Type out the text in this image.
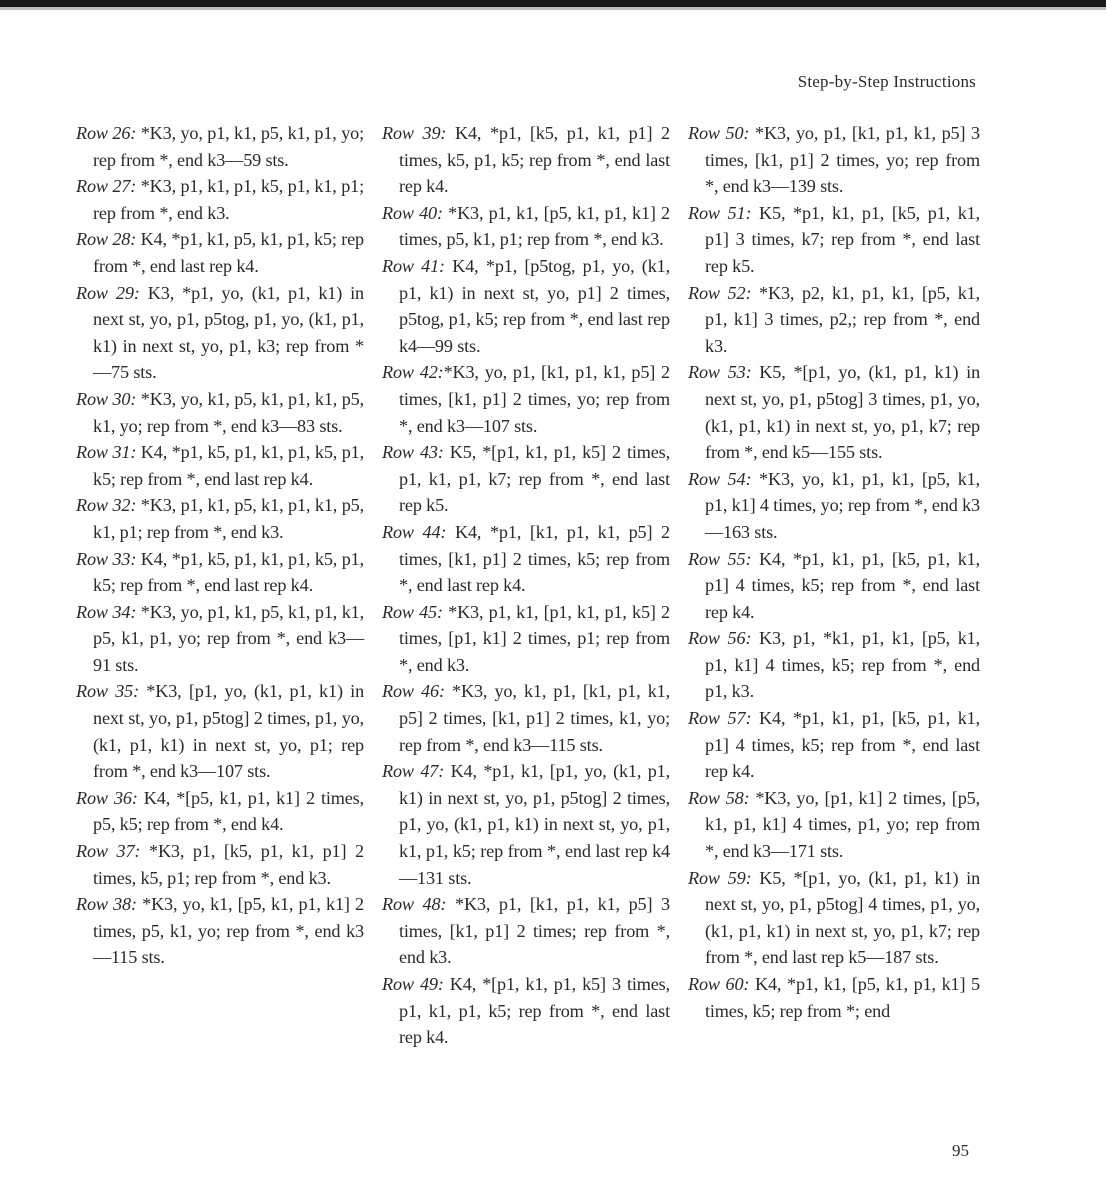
Step-by-Step Instructions

Row 26: *K3, yo, p1, k1, p5, k1, p1, yo; rep from *, end k3—59 sts.

Row 27: *K3, p1, k1, p1, k5, p1, k1, p1; rep from *, end k3.

Row 28: K4, *p1, k1, p5, k1, p1, k5; rep from *, end last rep k4.

Row 29: K3, *p1, yo, (k1, p1, k1) in next st, yo, p1, p5tog, p1, yo, (k1, p1, k1) in next st, yo, p1, k3; rep from *—75 sts.

Row 30: *K3, yo, k1, p5, k1, p1, k1, p5, k1, yo; rep from *, end k3—83 sts.

Row 31: K4, *p1, k5, p1, k1, p1, k5, p1, k5; rep from *, end last rep k4.

Row 32: *K3, p1, k1, p5, k1, p1, k1, p5, k1, p1; rep from *, end k3.

Row 33: K4, *p1, k5, p1, k1, p1, k5, p1, k5; rep from *, end last rep k4.

Row 34: *K3, yo, p1, k1, p5, k1, p1, k1, p5, k1, p1, yo; rep from *, end k3—91 sts.

Row 35: *K3, [p1, yo, (k1, p1, k1) in next st, yo, p1, p5tog] 2 times, p1, yo, (k1, p1, k1) in next st, yo, p1; rep from *, end k3—107 sts.

Row 36: K4, *[p5, k1, p1, k1] 2 times, p5, k5; rep from *, end k4.

Row 37: *K3, p1, [k5, p1, k1, p1] 2 times, k5, p1; rep from *, end k3.

Row 38: *K3, yo, k1, [p5, k1, p1, k1] 2 times, p5, k1, yo; rep from *, end k3—115 sts.

Row 39: K4, *p1, [k5, p1, k1, p1] 2 times, k5, p1, k5; rep from *, end last rep k4.

Row 40: *K3, p1, k1, [p5, k1, p1, k1] 2 times, p5, k1, p1; rep from *, end k3.

Row 41: K4, *p1, [p5tog, p1, yo, (k1, p1, k1) in next st, yo, p1] 2 times, p5tog, p1, k5; rep from *, end last rep k4—99 sts.

Row 42:*K3, yo, p1, [k1, p1, k1, p5] 2 times, [k1, p1] 2 times, yo; rep from *, end k3—107 sts.

Row 43: K5, *[p1, k1, p1, k5] 2 times, p1, k1, p1, k7; rep from *, end last rep k5.

Row 44: K4, *p1, [k1, p1, k1, p5] 2 times, [k1, p1] 2 times, k5; rep from *, end last rep k4.

Row 45: *K3, p1, k1, [p1, k1, p1, k5] 2 times, [p1, k1] 2 times, p1; rep from *, end k3.

Row 46: *K3, yo, k1, p1, [k1, p1, k1, p5] 2 times, [k1, p1] 2 times, k1, yo; rep from *, end k3—115 sts.

Row 47: K4, *p1, k1, [p1, yo, (k1, p1, k1) in next st, yo, p1, p5tog] 2 times, p1, yo, (k1, p1, k1) in next st, yo, p1, k1, p1, k5; rep from *, end last rep k4—131 sts.

Row 48: *K3, p1, [k1, p1, k1, p5] 3 times, [k1, p1] 2 times; rep from *, end k3.

Row 49: K4, *[p1, k1, p1, k5] 3 times, p1, k1, p1, k5; rep from *, end last rep k4.

Row 50: *K3, yo, p1, [k1, p1, k1, p5] 3 times, [k1, p1] 2 times, yo; rep from *, end k3—139 sts.

Row 51: K5, *p1, k1, p1, [k5, p1, k1, p1] 3 times, k7; rep from *, end last rep k5.

Row 52: *K3, p2, k1, p1, k1, [p5, k1, p1, k1] 3 times, p2,; rep from *, end k3.

Row 53: K5, *[p1, yo, (k1, p1, k1) in next st, yo, p1, p5tog] 3 times, p1, yo, (k1, p1, k1) in next st, yo, p1, k7; rep from *, end k5—155 sts.

Row 54: *K3, yo, k1, p1, k1, [p5, k1, p1, k1] 4 times, yo; rep from *, end k3—163 sts.

Row 55: K4, *p1, k1, p1, [k5, p1, k1, p1] 4 times, k5; rep from *, end last rep k4.

Row 56: K3, p1, *k1, p1, k1, [p5, k1, p1, k1] 4 times, k5; rep from *, end p1, k3.

Row 57: K4, *p1, k1, p1, [k5, p1, k1, p1] 4 times, k5; rep from *, end last rep k4.

Row 58: *K3, yo, [p1, k1] 2 times, [p5, k1, p1, k1] 4 times, p1, yo; rep from *, end k3—171 sts.

Row 59: K5, *[p1, yo, (k1, p1, k1) in next st, yo, p1, p5tog] 4 times, p1, yo, (k1, p1, k1) in next st, yo, p1, k7; rep from *, end last rep k5—187 sts.

Row 60: K4, *p1, k1, [p5, k1, p1, k1] 5 times, k5; rep from *; end

95
